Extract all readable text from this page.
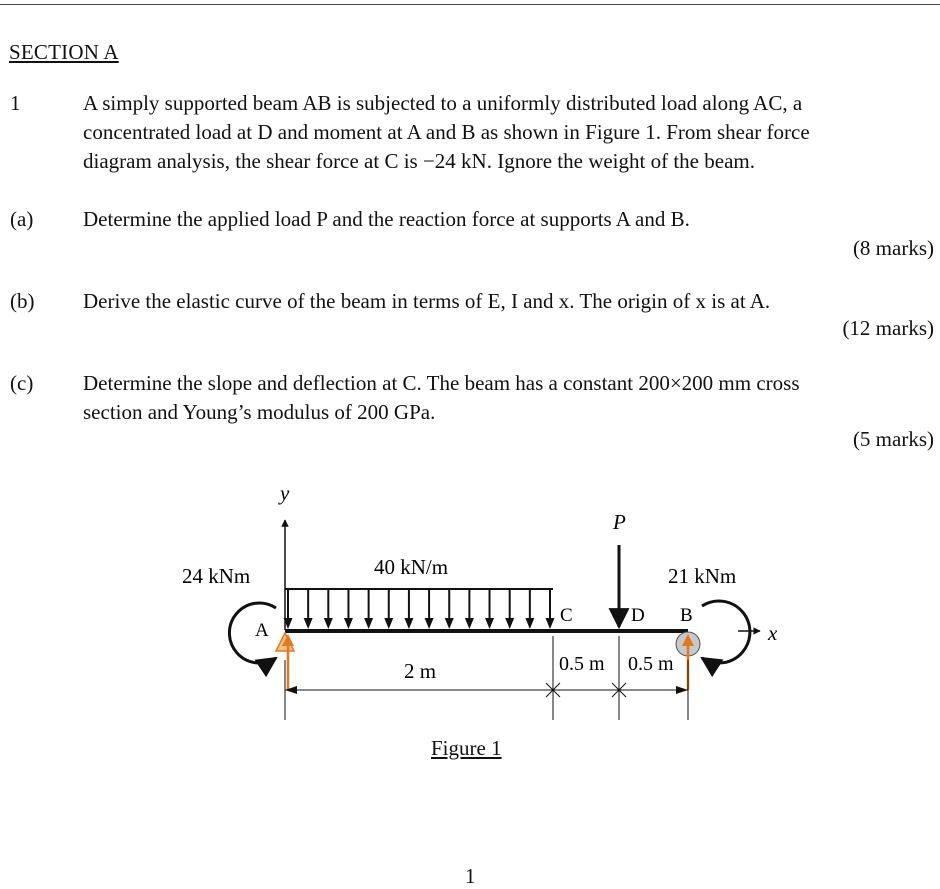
SECTION A
1	A simply supported beam AB is subjected to a uniformly distributed load along AC, a
concentrated load at D and moment at A and B as shown in Figure 1. From shear force
diagram analysis, the shear force at C is −24 kN. Ignore the weight of the beam.
(a) Determine the applied load P and the reaction force at supports A and B.
(8 marks)
(b) Derive the elastic curve of the beam in terms of E, I and x. The origin of x is at A.
(12 marks)
(c) Determine the slope and deflection at C. The beam has a constant 200×200 mm cross
section and Young’s modulus of 200 GPa.
(5 marks)
y
x
40 kN/m
P
24 kNm	21 kNm
A
C	D B
2 m	0.5 m 0.5 m
Figure 1
1
